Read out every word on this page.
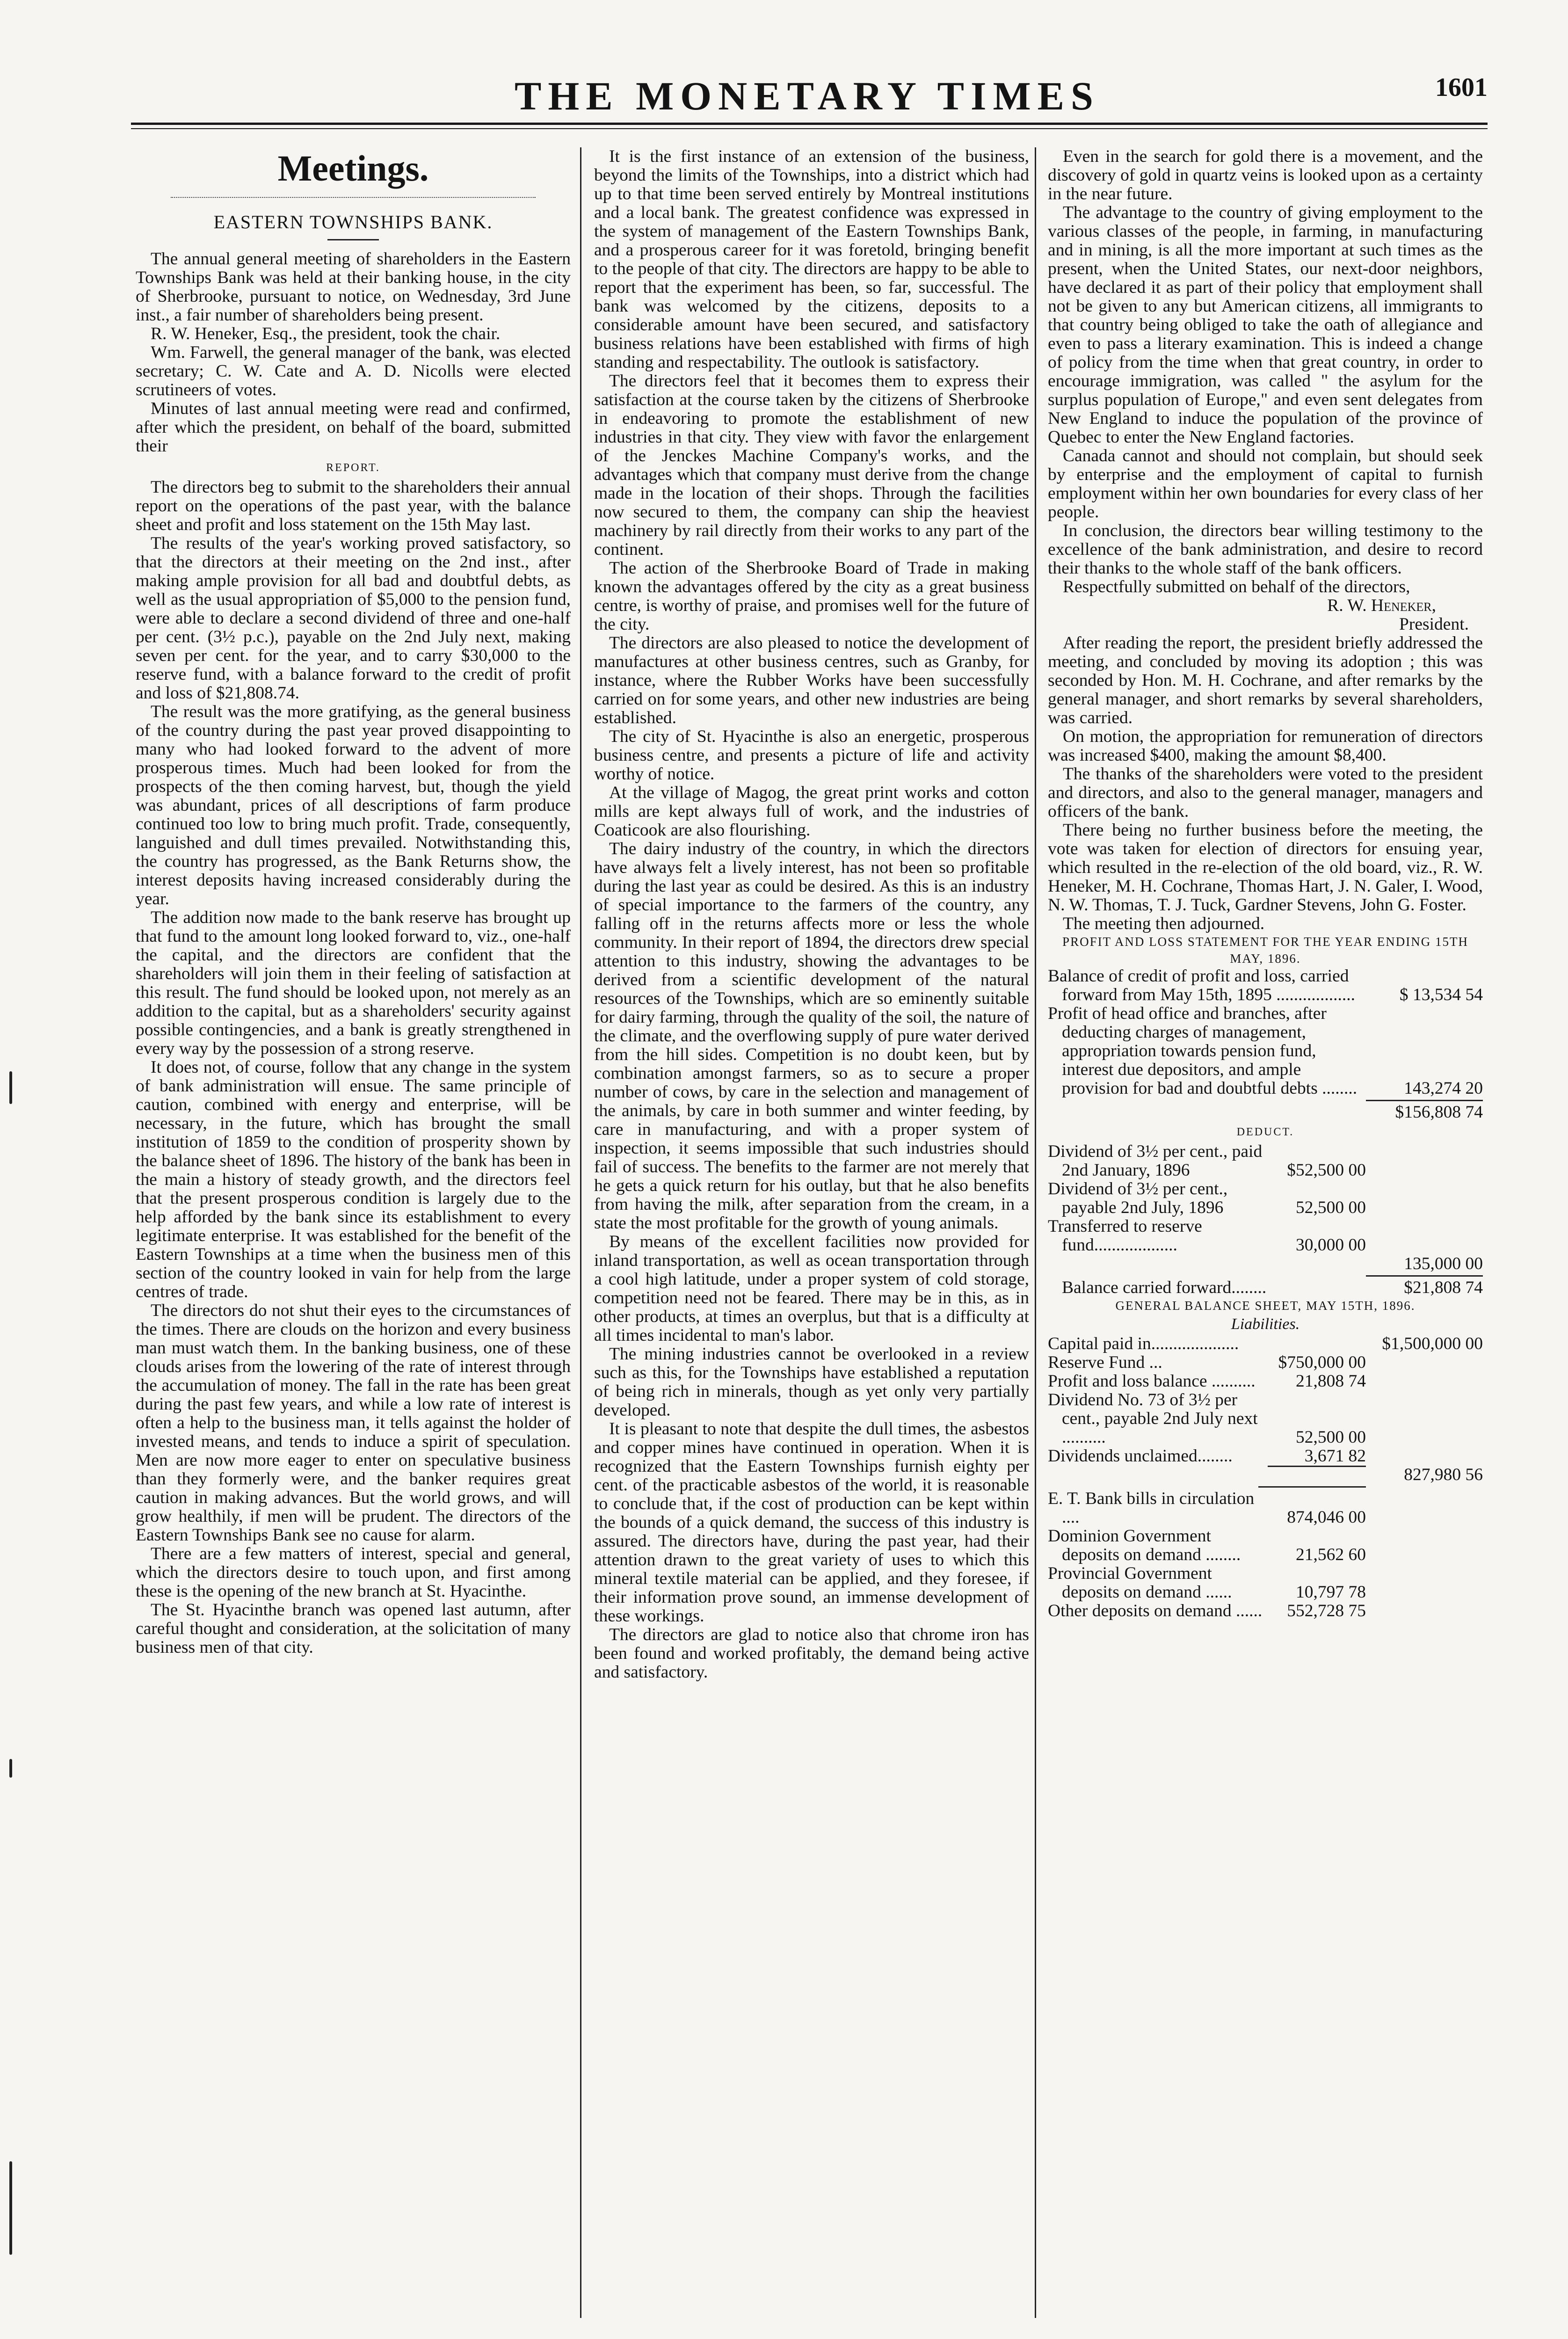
THE MONETARY TIMES	1601
Meetings.
EASTERN TOWNSHIPS BANK.

The annual general meeting of shareholders in the Eastern Townships Bank was held at their banking house, in the city of Sherbrooke, pursuant to notice, on Wednesday, 3rd June inst., a fair number of shareholders being present.

R. W. Heneker, Esq., the president, took the chair.

Wm. Farwell, the general manager of the bank, was elected secretary; C. W. Cate and A. D. Nicolls were elected scrutineers of votes.

Minutes of last annual meeting were read and confirmed, after which the president, on behalf of the board, submitted their

REPORT.

The directors beg to submit to the shareholders their annual report on the operations of the past year, with the balance sheet and profit and loss statement on the 15th May last.

The results of the year's working proved satisfactory, so that the directors at their meeting on the 2nd inst., after making ample provision for all bad and doubtful debts, as well as the usual appropriation of $5,000 to the pension fund, were able to declare a second dividend of three and one-half per cent. (3½ p.c.), payable on the 2nd July next, making seven per cent. for the year, and to carry $30,000 to the reserve fund, with a balance forward to the credit of profit and loss of $21,808.74.

The result was the more gratifying, as the general business of the country during the past year proved disappointing to many who had looked forward to the advent of more prosperous times. Much had been looked for from the prospects of the then coming harvest, but, though the yield was abundant, prices of all descriptions of farm produce continued too low to bring much profit. Trade, consequently, languished and dull times prevailed. Notwithstanding this, the country has progressed, as the Bank Returns show, the interest deposits having increased considerably during the year.

The addition now made to the bank reserve has brought up that fund to the amount long looked forward to, viz., one-half the capital, and the directors are confident that the shareholders will join them in their feeling of satisfaction at this result. The fund should be looked upon, not merely as an addition to the capital, but as a shareholders' security against possible contingencies, and a bank is greatly strengthened in every way by the possession of a strong reserve.

It does not, of course, follow that any change in the system of bank administration will ensue. The same principle of caution, combined with energy and enterprise, will be necessary, in the future, which has brought the small institution of 1859 to the condition of prosperity shown by the balance sheet of 1896. The history of the bank has been in the main a history of steady growth, and the directors feel that the present prosperous condition is largely due to the help afforded by the bank since its establishment to every legitimate enterprise. It was established for the benefit of the Eastern Townships at a time when the business men of this section of the country looked in vain for help from the large centres of trade.

The directors do not shut their eyes to the circumstances of the times. There are clouds on the horizon and every business man must watch them. In the banking business, one of these clouds arises from the lowering of the rate of interest through the accumulation of money. The fall in the rate has been great during the past few years, and while a low rate of interest is often a help to the business man, it tells against the holder of invested means, and tends to induce a spirit of speculation. Men are now more eager to enter on speculative business than they formerly were, and the banker requires great caution in making advances. But the world grows, and will grow healthily, if men will be prudent. The directors of the Eastern Townships Bank see no cause for alarm.

There are a few matters of interest, special and general, which the directors desire to touch upon, and first among these is the opening of the new branch at St. Hyacinthe.

The St. Hyacinthe branch was opened last autumn, after careful thought and consideration, at the solicitation of many business men of that city.

It is the first instance of an extension of the business, beyond the limits of the Townships, into a district which had up to that time been served entirely by Montreal institutions and a local bank. The greatest confidence was expressed in the system of management of the Eastern Townships Bank, and a prosperous career for it was foretold, bringing benefit to the people of that city. The directors are happy to be able to report that the experiment has been, so far, successful. The bank was welcomed by the citizens, deposits to a considerable amount have been secured, and satisfactory business relations have been established with firms of high standing and respectability. The outlook is satisfactory.

The directors feel that it becomes them to express their satisfaction at the course taken by the citizens of Sherbrooke in endeavoring to promote the establishment of new industries in that city. They view with favor the enlargement of the Jenckes Machine Company's works, and the advantages which that company must derive from the change made in the location of their shops. Through the facilities now secured to them, the company can ship the heaviest machinery by rail directly from their works to any part of the continent.

The action of the Sherbrooke Board of Trade in making known the advantages offered by the city as a great business centre, is worthy of praise, and promises well for the future of the city.

The directors are also pleased to notice the development of manufactures at other business centres, such as Granby, for instance, where the Rubber Works have been successfully carried on for some years, and other new industries are being established.

The city of St. Hyacinthe is also an energetic, prosperous business centre, and presents a picture of life and activity worthy of notice.

At the village of Magog, the great print works and cotton mills are kept always full of work, and the industries of Coaticook are also flourishing.

The dairy industry of the country, in which the directors have always felt a lively interest, has not been so profitable during the last year as could be desired. As this is an industry of special importance to the farmers of the country, any falling off in the returns affects more or less the whole community. In their report of 1894, the directors drew special attention to this industry, showing the advantages to be derived from a scientific development of the natural resources of the Townships, which are so eminently suitable for dairy farming, through the quality of the soil, the nature of the climate, and the overflowing supply of pure water derived from the hill sides. Competition is no doubt keen, but by combination amongst farmers, so as to secure a proper number of cows, by care in the selection and management of the animals, by care in both summer and winter feeding, by care in manufacturing, and with a proper system of inspection, it seems impossible that such industries should fail of success. The benefits to the farmer are not merely that he gets a quick return for his outlay, but that he also benefits from having the milk, after separation from the cream, in a state the most profitable for the growth of young animals.

By means of the excellent facilities now provided for inland transportation, as well as ocean transportation through a cool high latitude, under a proper system of cold storage, competition need not be feared. There may be in this, as in other products, at times an overplus, but that is a difficulty at all times incidental to man's labor.

The mining industries cannot be overlooked in a review such as this, for the Townships have established a reputation of being rich in minerals, though as yet only very partially developed.

It is pleasant to note that despite the dull times, the asbestos and copper mines have continued in operation. When it is recognized that the Eastern Townships furnish eighty per cent. of the practicable asbestos of the world, it is reasonable to conclude that, if the cost of production can be kept within the bounds of a quick demand, the success of this industry is assured. The directors have, during the past year, had their attention drawn to the great variety of uses to which this mineral textile material can be applied, and they foresee, if their information prove sound, an immense development of these workings.

The directors are glad to notice also that chrome iron has been found and worked profitably, the demand being active and satisfactory.

Even in the search for gold there is a movement, and the discovery of gold in quartz veins is looked upon as a certainty in the near future.

The advantage to the country of giving employment to the various classes of the people, in farming, in manufacturing and in mining, is all the more important at such times as the present, when the United States, our next-door neighbors, have declared it as part of their policy that employment shall not be given to any but American citizens, all immigrants to that country being obliged to take the oath of allegiance and even to pass a literary examination. This is indeed a change of policy from the time when that great country, in order to encourage immigration, was called " the asylum for the surplus population of Europe," and even sent delegates from New England to induce the population of the province of Quebec to enter the New England factories.

Canada cannot and should not complain, but should seek by enterprise and the employment of capital to furnish employment within her own boundaries for every class of her people.

In conclusion, the directors bear willing testimony to the excellence of the bank administration, and desire to record their thanks to the whole staff of the bank officers.

Respectfully submitted on behalf of the directors,

R. W. Heneker,

President.

After reading the report, the president briefly addressed the meeting, and concluded by moving its adoption ; this was seconded by Hon. M. H. Cochrane, and after remarks by the general manager, and short remarks by several shareholders, was carried.

On motion, the appropriation for remuneration of directors was increased $400, making the amount $8,400.

The thanks of the shareholders were voted to the president and directors, and also to the general manager, managers and officers of the bank.

There being no further business before the meeting, the vote was taken for election of directors for ensuing year, which resulted in the re-election of the old board, viz., R. W. Heneker, M. H. Cochrane, Thomas Hart, J. N. Galer, I. Wood, N. W. Thomas, T. J. Tuck, Gardner Stevens, John G. Foster.

The meeting then adjourned.

PROFIT AND LOSS STATEMENT FOR THE YEAR ENDING 15TH MAY, 1896.

Balance of credit of profit and loss, carried forward from May 15th, 1895 ..................	$ 13,534 54
Profit of head office and branches, after deducting charges of management, appropriation towards pension fund, interest due depositors, and ample provision for bad and doubtful debts ........	143,274 20
$156,808 74
DEDUCT.
Dividend of 3½ per cent., paid 2nd January, 1896	$52,500 00
Dividend of 3½ per cent., payable 2nd July, 1896	52,500 00
Transferred to reserve fund...................	30,000 00
135,000 00
Balance carried forward........	$21,808 74

GENERAL BALANCE SHEET, MAY 15TH, 1896.

Liabilities.
Capital paid in....................	$1,500,000 00
Reserve Fund ...	$750,000 00
Profit and loss balance ..........	21,808 74
Dividend No. 73 of 3½ per cent., payable 2nd July next ..........	52,500 00
Dividends unclaimed........	3,671 82
827,980 56
E. T. Bank bills in circulation ....	874,046 00
Dominion Government deposits on demand ........	21,562 60
Provincial Government deposits on demand ......	10,797 78
Other deposits on demand ......	552,728 75
